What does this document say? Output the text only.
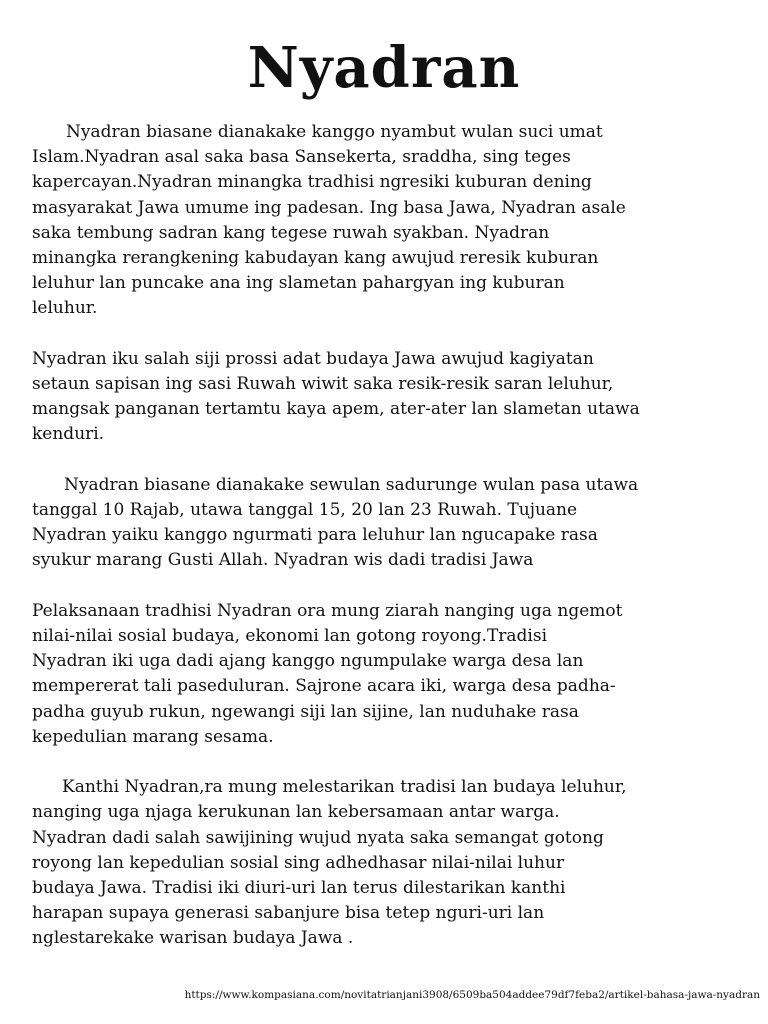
Nyadran

Nyadran biasane dianakake kanggo nyambut wulan suci umat
Islam.Nyadran asal saka basa Sansekerta, sraddha, sing teges
kapercayan.Nyadran minangka tradhisi ngresiki kuburan dening
masyarakat Jawa umume ing padesan. Ing basa Jawa, Nyadran asale
saka tembung sadran kang tegese ruwah syakban. Nyadran
minangka rerangkening kabudayan kang awujud reresik kuburan
leluhur lan puncake ana ing slametan pahargyan ing kuburan
leluhur.

Nyadran iku salah siji prossi adat budaya Jawa awujud kagiyatan
setaun sapisan ing sasi Ruwah wiwit saka resik-resik saran leluhur,
mangsak panganan tertamtu kaya apem, ater-ater lan slametan utawa
kenduri.

Nyadran biasane dianakake sewulan sadurunge wulan pasa utawa
tanggal 10 Rajab, utawa tanggal 15, 20 lan 23 Ruwah. Tujuane
Nyadran yaiku kanggo ngurmati para leluhur lan ngucapake rasa
syukur marang Gusti Allah. Nyadran wis dadi tradisi Jawa

Pelaksanaan tradhisi Nyadran ora mung ziarah nanging uga ngemot
nilai-nilai sosial budaya, ekonomi lan gotong royong.Tradisi
Nyadran iki uga dadi ajang kanggo ngumpulake warga desa lan
mempererat tali paseduluran. Sajrone acara iki, warga desa padha-
padha guyub rukun, ngewangi siji lan sijine, lan nuduhake rasa
kepedulian marang sesama.

Kanthi Nyadran,ra mung melestarikan tradisi lan budaya leluhur,
nanging uga njaga kerukunan lan kebersamaan antar warga.
Nyadran dadi salah sawijining wujud nyata saka semangat gotong
royong lan kepedulian sosial sing adhedhasar nilai-nilai luhur
budaya Jawa. Tradisi iki diuri-uri lan terus dilestarikan kanthi
harapan supaya generasi sabanjure bisa tetep nguri-uri lan
nglestarekake warisan budaya Jawa .

https://www.kompasiana.com/novitatrianjani3908/6509ba504addee79df7feba2/artikel-bahasa-jawa-nyadran
